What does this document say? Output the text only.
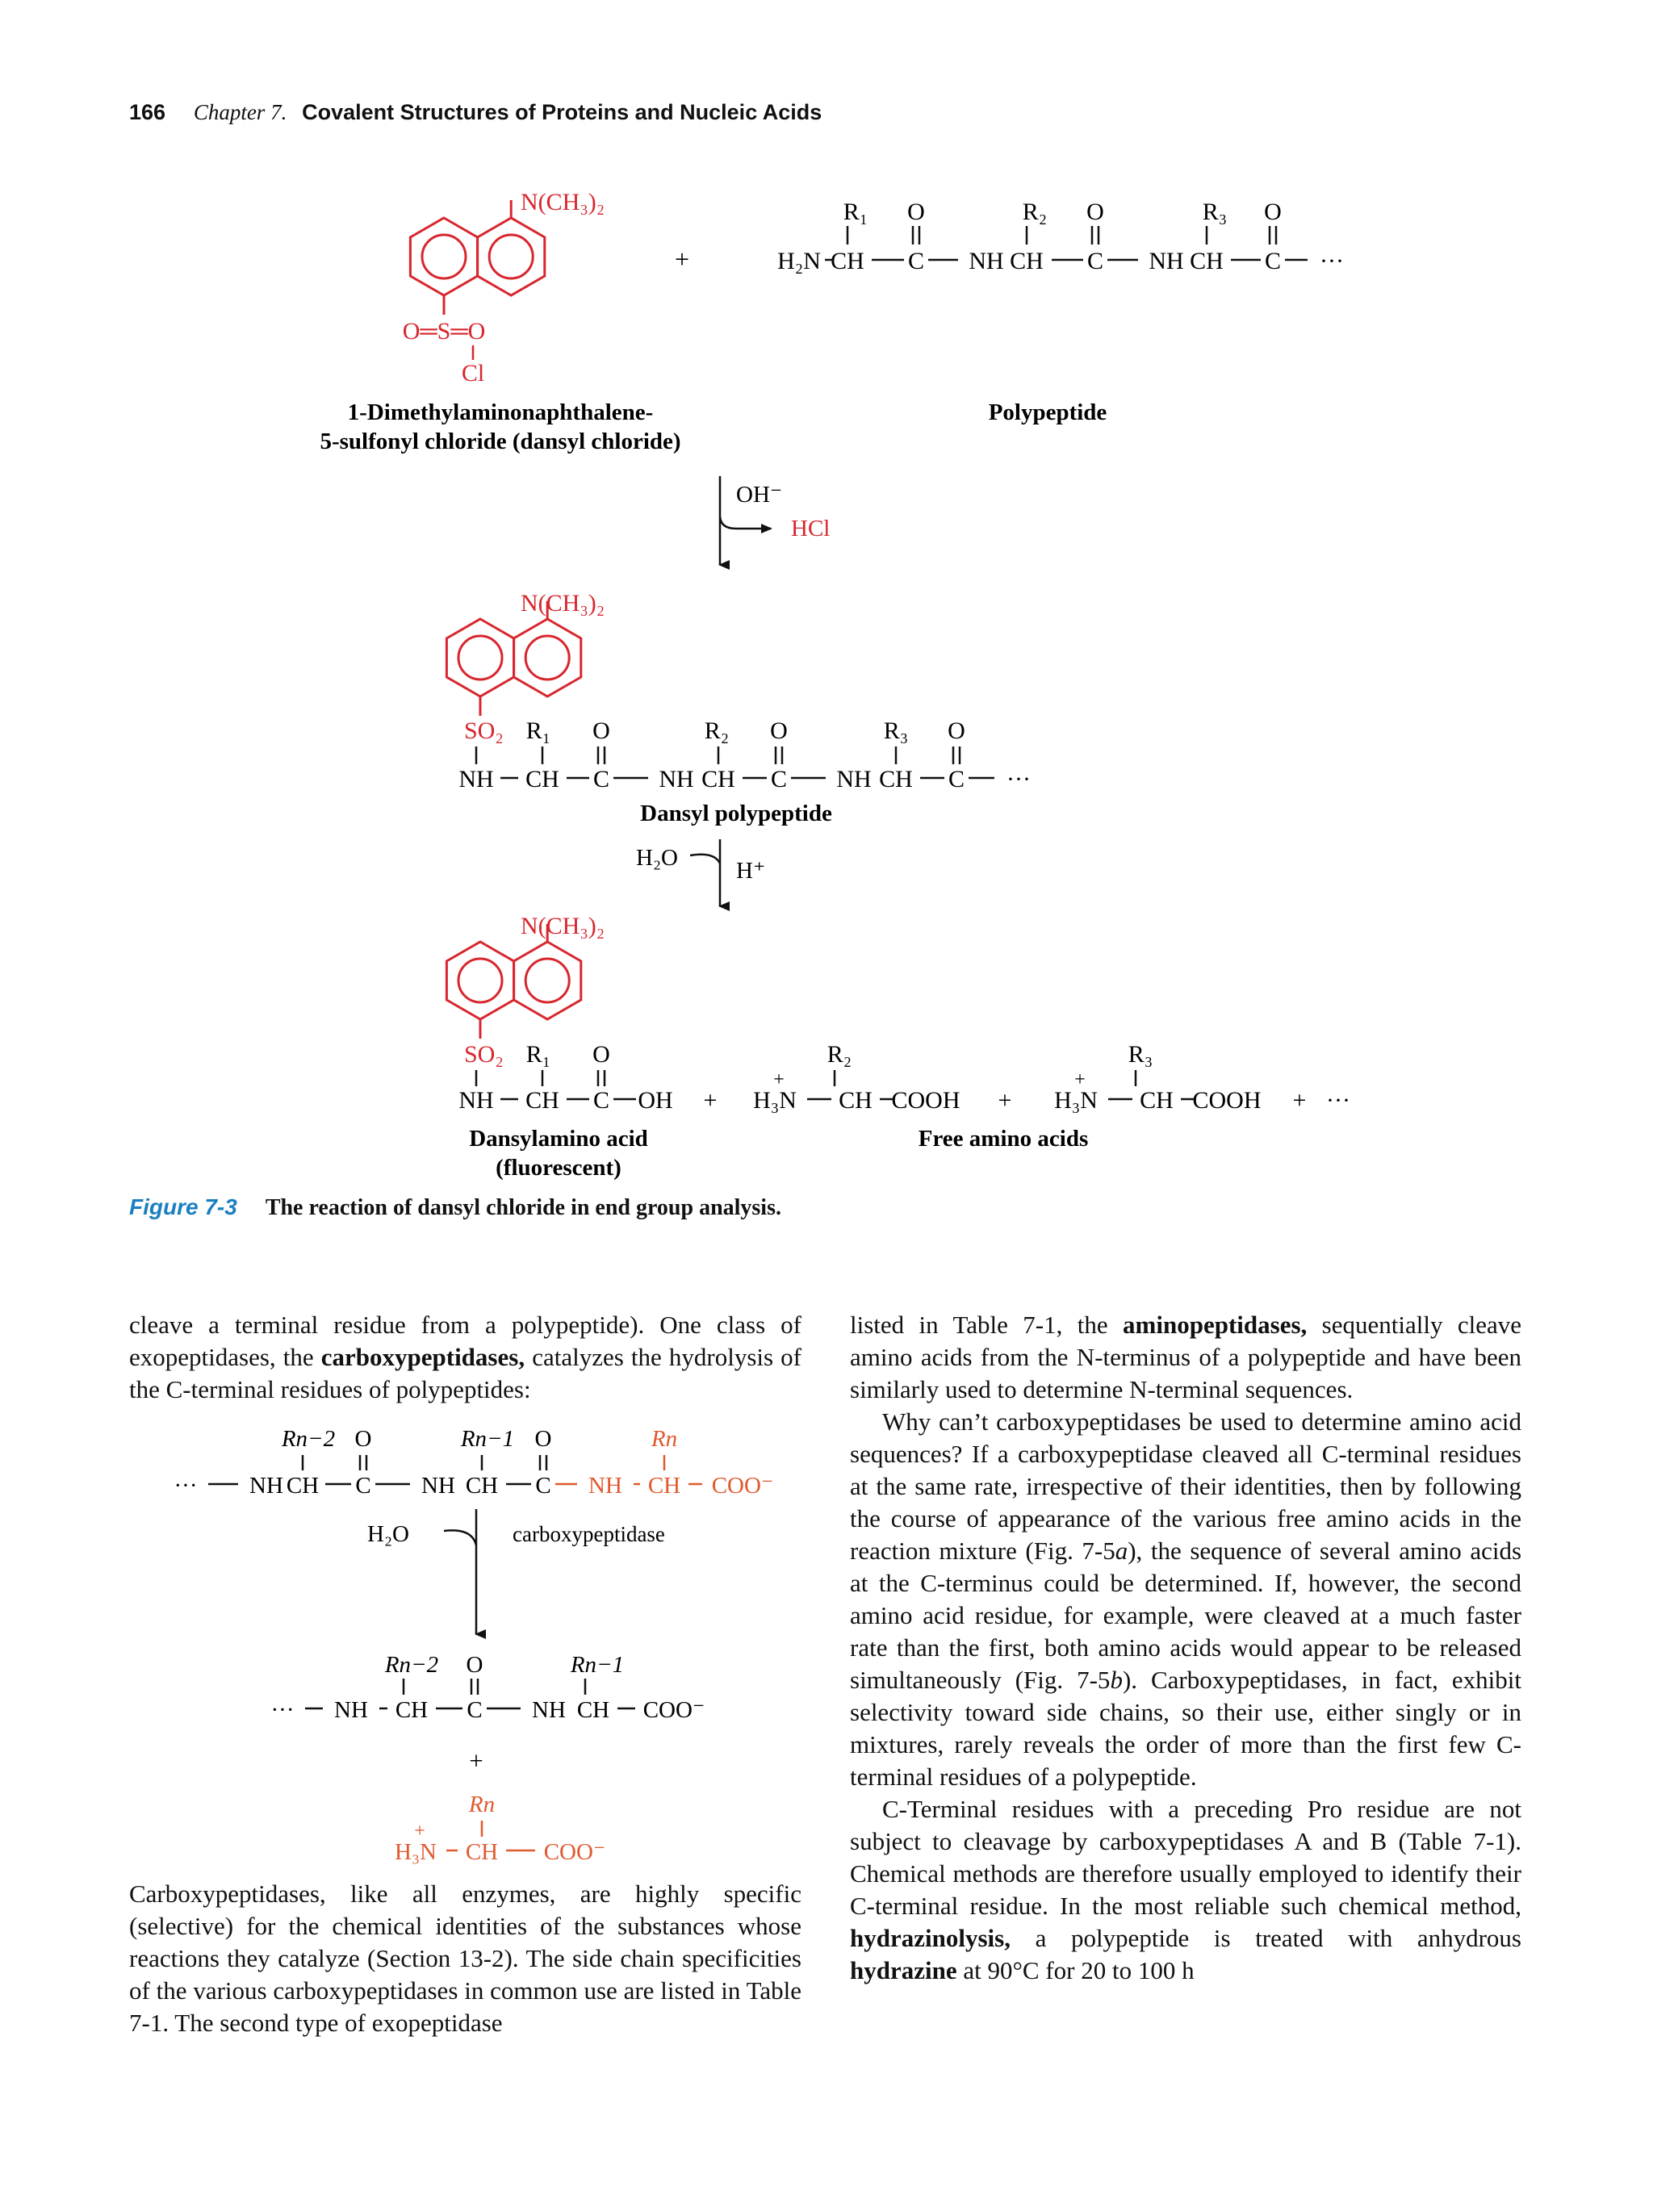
166 Chapter 7. Covalent Structures of Proteins and Nucleic Acids
N(CH₃)₂
O═S═O
Cl
1-Dimethylaminonaphthalene-
5-sulfonyl chloride (dansyl chloride)
+	H₂N CH C NH CH C NH CH C ···
R₁ O	R₂ O	R₃ O
Polypeptide
OH⁻
HCl
N(CH₃)₂
SO₂
NH CH C NH CH C NH CH C ···
R₁ O	R₂ O	R₃ O
Dansyl polypeptide
H₂O H⁺
N(CH₃)₂
SO₂
NH CH C OH
R₁ O
+ H₃N CH COOH
+
R₂
+ H₃N CH COOH
+
R₃
+ ···
Dansylamino acid
(fluorescent)
Free amino acids
Figure 7-3 The reaction of dansyl chloride in end group analysis.

cleave a terminal residue from a polypeptide). One class of exopeptidases, the carboxypeptidases, catalyzes the hydrolysis of the C-terminal residues of polypeptides:

··· NH CH C NH CH C NH CH COO⁻
Rn
Rn−2 O	Rn−1 O
H₂O	carboxypeptidase
··· NH CH C NH CH COO⁻
Rn−2 O	Rn−1
+
H₃N CH COO⁻
+
Rn

Carboxypeptidases, like all enzymes, are highly specific (selective) for the chemical identities of the substances whose reactions they catalyze (Section 13-2). The side chain specificities of the various carboxypeptidases in common use are listed in Table 7-1. The second type of exopeptidase

listed in Table 7-1, the aminopeptidases, sequentially cleave amino acids from the N-terminus of a polypeptide and have been similarly used to determine N-terminal sequences.

Why can’t carboxypeptidases be used to determine amino acid sequences? If a carboxypeptidase cleaved all C-terminal residues at the same rate, irrespective of their identities, then by following the course of appearance of the various free amino acids in the reaction mixture (Fig. 7-5a), the sequence of several amino acids at the C-terminus could be determined. If, however, the second amino acid residue, for example, were cleaved at a much faster rate than the first, both amino acids would appear to be released simultaneously (Fig. 7-5b). Carboxypeptidases, in fact, exhibit selectivity toward side chains, so their use, either singly or in mixtures, rarely reveals the order of more than the first few C-terminal residues of a polypeptide.

C-Terminal residues with a preceding Pro residue are not subject to cleavage by carboxypeptidases A and B (Table 7-1). Chemical methods are therefore usually employed to identify their C-terminal residue. In the most reliable such chemical method, hydrazinolysis, a polypeptide is treated with anhydrous hydrazine at 90°C for 20 to 100 h
